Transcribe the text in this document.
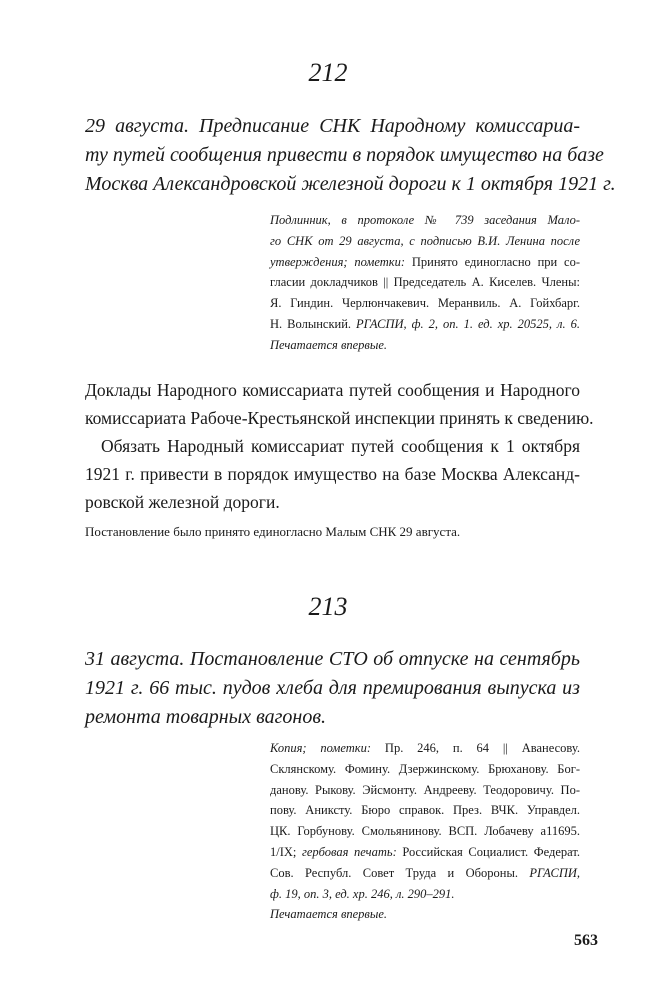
212
29 августа. Предписание СНК Народному комиссариа-
ту путей сообщения привести в порядок имущество на базе
Москва Александровской железной дороги к 1 октября 1921 г.
Подлинник, в протоколе № 739 заседания Мало-
го СНК от 29 августа, с подписью В.И. Ленина после
утверждения; пометки: Принято единогласно при со-
гласии докладчиков || Председатель А. Киселев. Члены:
Я. Гиндин. Черлюнчакевич. Меранвиль. А. Гойхбарг.
Н. Волынский. РГАСПИ, ф. 2, оп. 1. ед. хр. 20525, л. 6.
Печатается впервые.
Доклады Народного комиссариата путей сообщения и Народного
комиссариата Рабоче-Крестьянской инспекции принять к сведению.
Обязать Народный комиссариат путей сообщения к 1 октября
1921 г. привести в порядок имущество на базе Москва Александ-
ровской железной дороги.
Постановление было принято единогласно Малым СНК 29 августа.
213
31 августа. Постановление СТО об отпуске на сентябрь
1921 г. 66 тыс. пудов хлеба для премирования выпуска из
ремонта товарных вагонов.
Копия; пометки: Пр. 246, п. 64 || Аванесову.
Склянскому. Фомину. Дзержинскому. Брюханову. Бог-
данову. Рыкову. Эйсмонту. Андрееву. Теодоровичу. По-
пову. Аниксту. Бюро справок. През. ВЧК. Управдел.
ЦК. Горбунову. Смольянинову. ВСП. Лобачеву а11695.
1/IX; гербовая печать: Российская Социалист. Федерат.
Сов. Республ. Совет Труда и Обороны. РГАСПИ,
ф. 19, оп. 3, ед. хр. 246, л. 290–291.
Печатается впервые.
563
